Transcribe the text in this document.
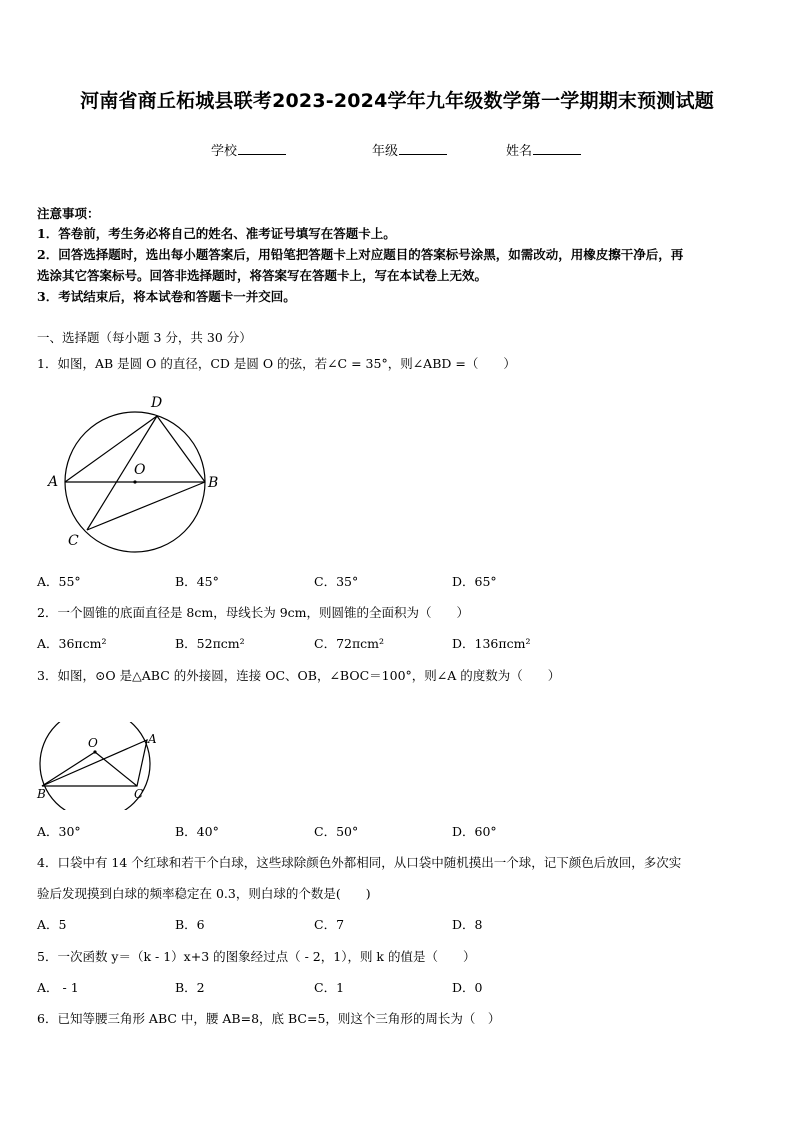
河南省商丘柘城县联考2023-2024学年九年级数学第一学期期末预测试题
学校	年级	姓名
注意事项：
1．答卷前，考生务必将自己的姓名、准考证号填写在答题卡上。
2．回答选择题时，选出每小题答案后，用铅笔把答题卡上对应题目的答案标号涂黑，如需改动，用橡皮擦干净后，再
选涂其它答案标号。回答非选择题时，将答案写在答题卡上，写在本试卷上无效。
3．考试结束后，将本试卷和答题卡一并交回。
一、选择题（每小题 3 分，共 30 分）
1．如图，AB 是圆 O 的直径，CD 是圆 O 的弦，若∠C = 35°，则∠ABD =（　　）
D
O
A	B
C
A．55°	B．45°	C．35°	D．65°
2．一个圆锥的底面直径是 8cm，母线长为 9cm，则圆锥的全面积为（　　）
A．36πcm²	B．52πcm²	C．72πcm²	D．136πcm²
3．如图，⊙O 是△ABC 的外接圆，连接 OC、OB，∠BOC＝100°，则∠A 的度数为（　　）
O	A
B	C
A．30°	B．40°	C．50°	D．60°
4．口袋中有 14 个红球和若干个白球，这些球除颜色外都相同，从口袋中随机摸出一个球，记下颜色后放回，多次实
验后发现摸到白球的频率稳定在 0.3，则白球的个数是(　　)
A．5	B．6	C．7	D．8
5．一次函数 y＝（k - 1）x+3 的图象经过点（ - 2，1），则 k 的值是（　　）
A． - 1	B．2	C．1	D．0
6．已知等腰三角形 ABC 中，腰 AB=8，底 BC=5，则这个三角形的周长为（　）
